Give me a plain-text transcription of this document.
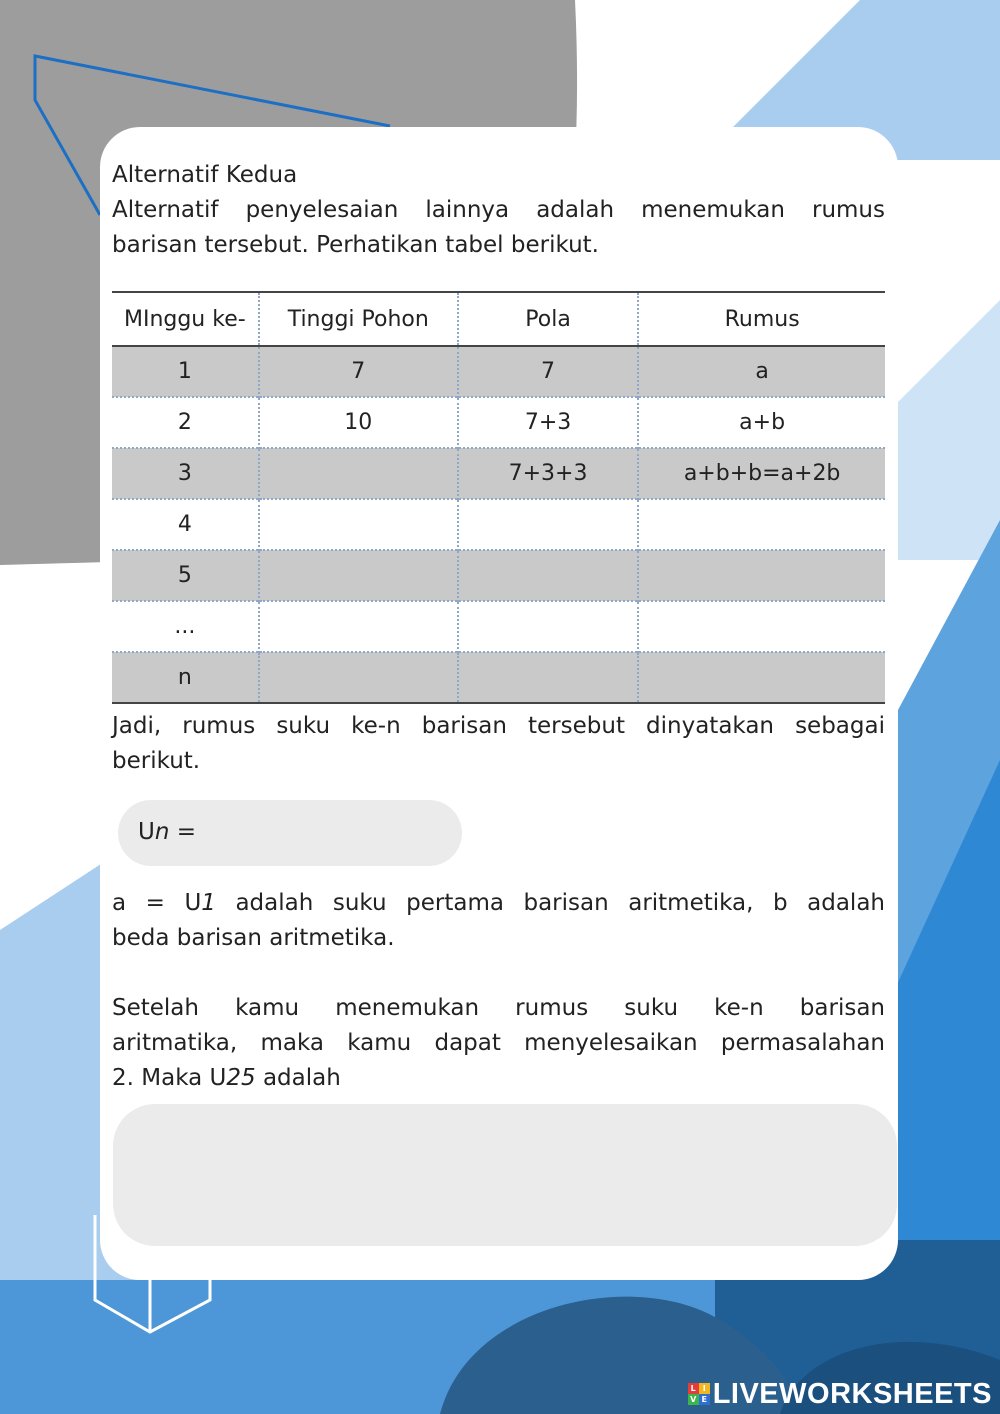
Alternatif Kedua
Alternatif penyelesaian lainnya adalah menemukan rumus
barisan tersebut. Perhatikan tabel berikut.
MInggu ke-	Tinggi Pohon	Pola	Rumus
1	7	7	a
2	10	7+3	a+b
3		7+3+3	a+b+b=a+2b
4			
5			
...			
n			
Jadi, rumus suku ke-n barisan tersebut dinyatakan sebagai
berikut.
Un =
a = U1 adalah suku pertama barisan aritmetika, b adalah
beda barisan aritmetika.
Setelah kamu menemukan rumus suku ke-n barisan
aritmatika, maka kamu dapat menyelesaikan permasalahan
2. Maka U25 adalah
L I
V E LIVEWORKSHEETS
